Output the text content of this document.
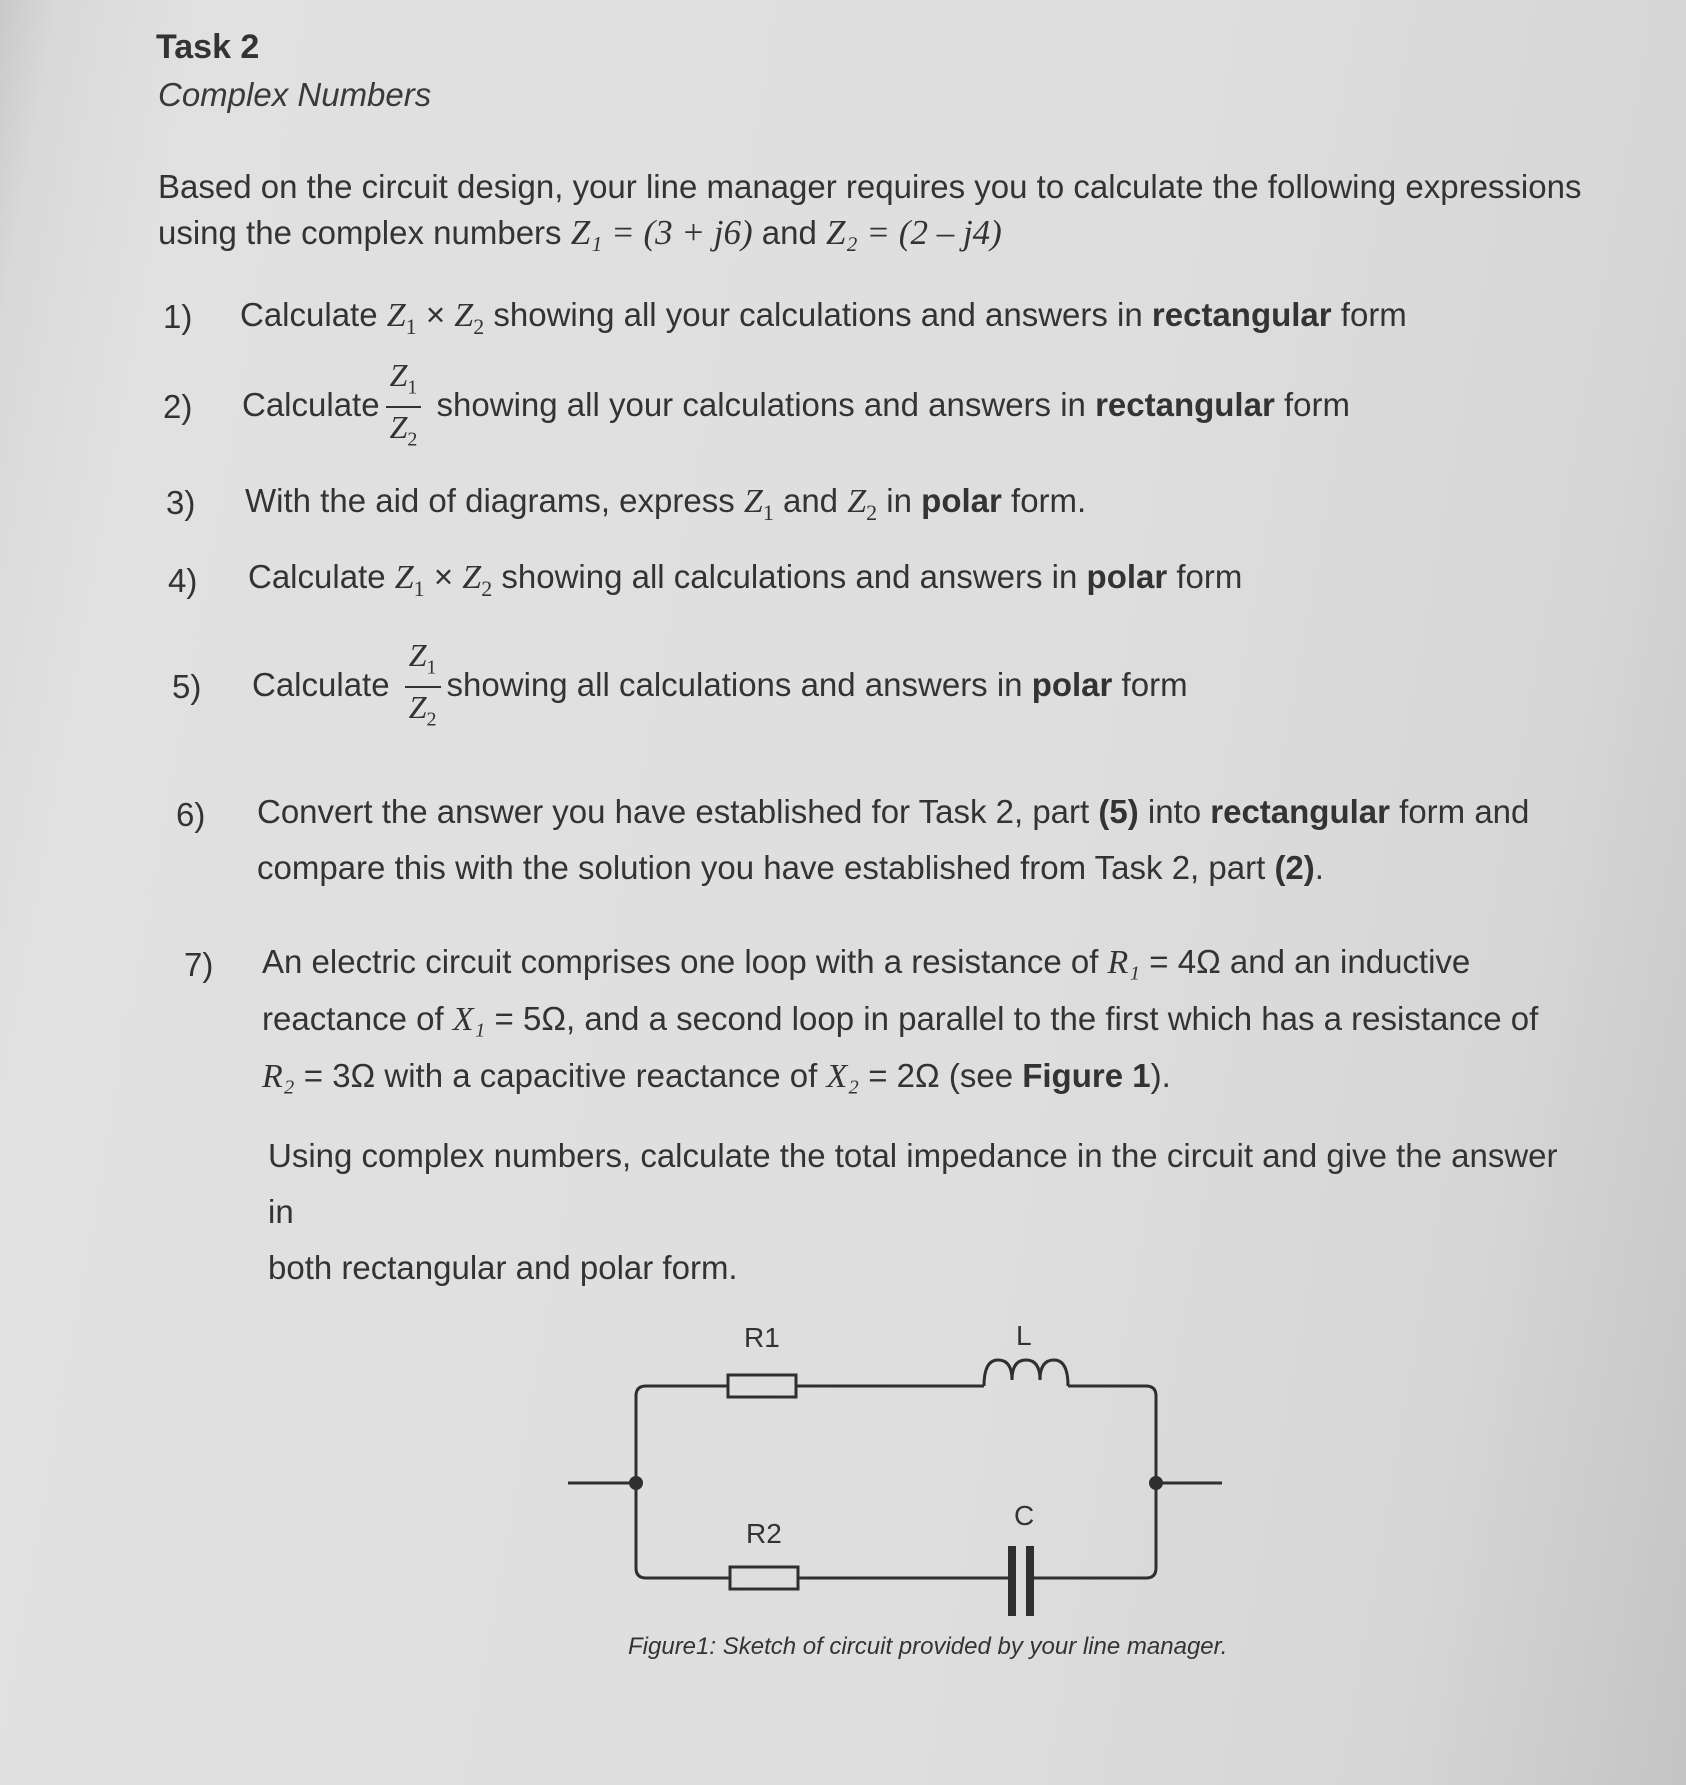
Task 2
Complex Numbers
Based on the circuit design, your line manager requires you to calculate the following expressions
using the complex numbers Z₁ = (3 + j6) and Z₂ = (2 – j4)
1) Calculate $Z_1 \times Z_2$ showing all your calculations and answers in rectangular form
2) Calculate $\frac{Z_1}{Z_2}$ showing all your calculations and answers in rectangular form
3) With the aid of diagrams, express $Z_1$ and $Z_2$ in polar form.
4) Calculate $Z_1 \times Z_2$ showing all calculations and answers in polar form
5) Calculate $\frac{Z_1}{Z_2}$ showing all calculations and answers in polar form
6) Convert the answer you have established for Task 2, part (5) into rectangular form and
compare this with the solution you have established from Task 2, part (2).
7) An electric circuit comprises one loop with a resistance of R₁ = 4Ω and an inductive
reactance of X₁ = 5Ω, and a second loop in parallel to the first which has a resistance of
R₂ = 3Ω with a capacitive reactance of X₂ = 2Ω (see Figure 1).
Using complex numbers, calculate the total impedance in the circuit and give the answer in
both rectangular and polar form.
R1	L
R2
C
Figure1: Sketch of circuit provided by your line manager.
